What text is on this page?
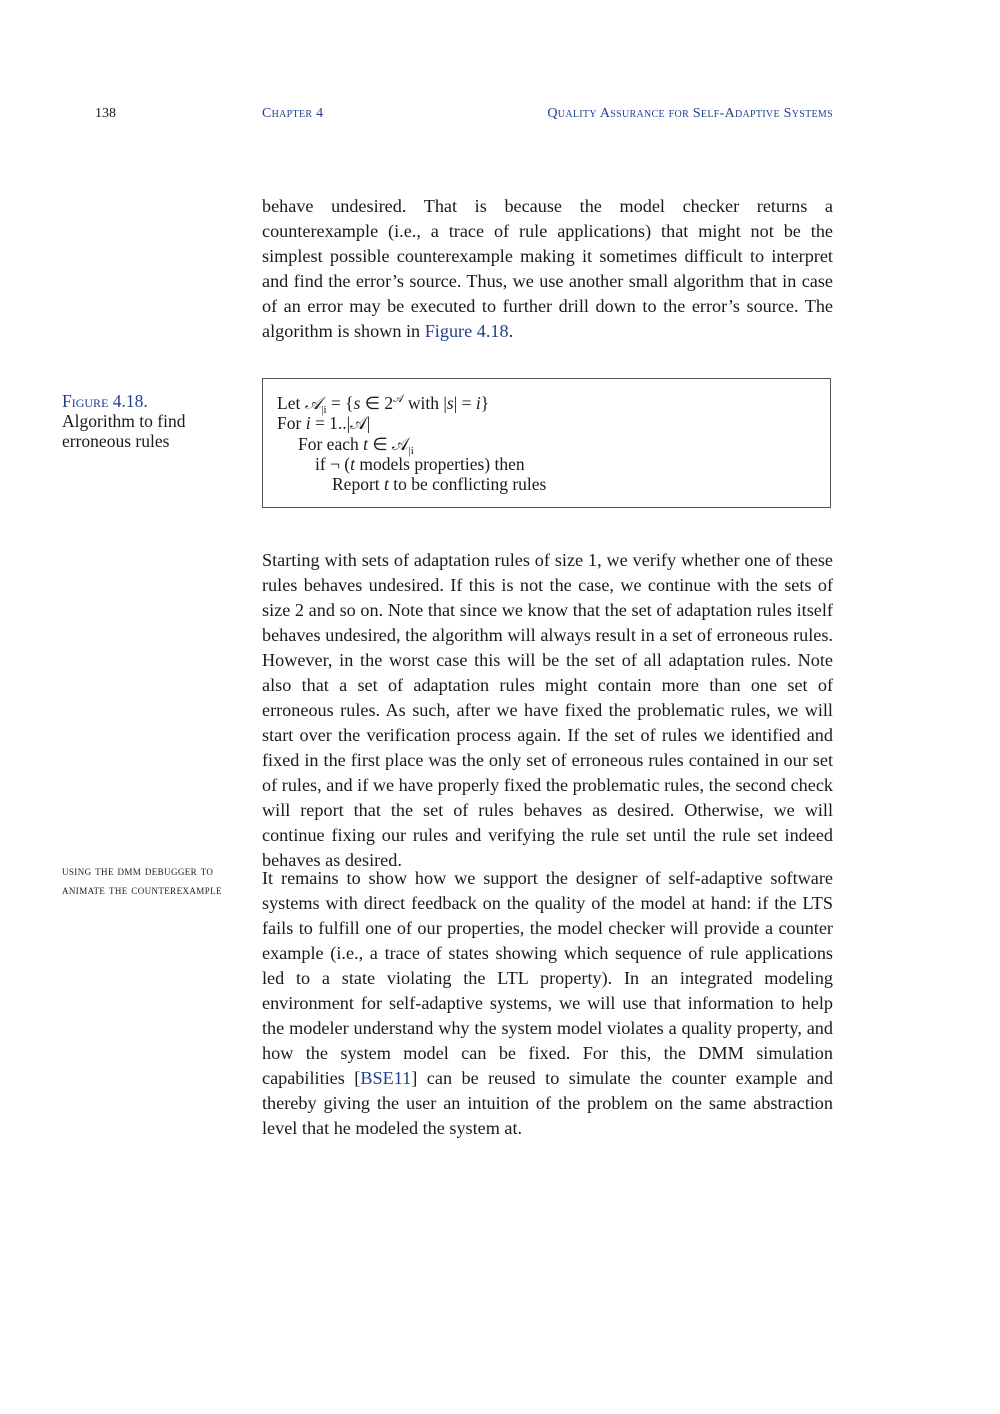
138	Chapter 4	Quality Assurance for Self-Adaptive Systems
behave undesired. That is because the model checker returns a counterexample (i.e., a trace of rule applications) that might not be the simplest possible counterexample making it sometimes difficult to interpret and find the error’s source. Thus, we use another small algorithm that in case of an error may be executed to further drill down to the error’s source. The algorithm is shown in Figure 4.18.
Figure 4.18.
Algorithm to find erroneous rules
Let 𝒜$_{|i}$ = {s ∈ $2^𝒜$ with |s| = i}
For i = 1..|𝒜|
For each t ∈ 𝒜$_{|i}$
if ¬ (t models properties) then
Report t to be conflicting rules
Starting with sets of adaptation rules of size 1, we verify whether one of these rules behaves undesired. If this is not the case, we continue with the sets of size 2 and so on. Note that since we know that the set of adaptation rules itself behaves undesired, the algorithm will always result in a set of erroneous rules. However, in the worst case this will be the set of all adaptation rules. Note also that a set of adaptation rules might contain more than one set of erroneous rules. As such, after we have fixed the problematic rules, we will start over the verification process again. If the set of rules we identified and fixed in the first place was the only set of erroneous rules contained in our set of rules, and if we have properly fixed the problematic rules, the second check will report that the set of rules behaves as desired. Otherwise, we will continue fixing our rules and verifying the rule set until the rule set indeed behaves as desired.
using the dmm debugger to animate the counterexample
It remains to show how we support the designer of self-adaptive software systems with direct feedback on the quality of the model at hand: if the LTS fails to fulfill one of our properties, the model checker will provide a counter example (i.e., a trace of states showing which sequence of rule applications led to a state violating the LTL property). In an integrated modeling environment for self-adaptive systems, we will use that information to help the modeler understand why the system model violates a quality property, and how the system model can be fixed. For this, the DMM simulation capabilities [BSE11] can be reused to simulate the counter example and thereby giving the user an intuition of the problem on the same abstraction level that he modeled the system at.
